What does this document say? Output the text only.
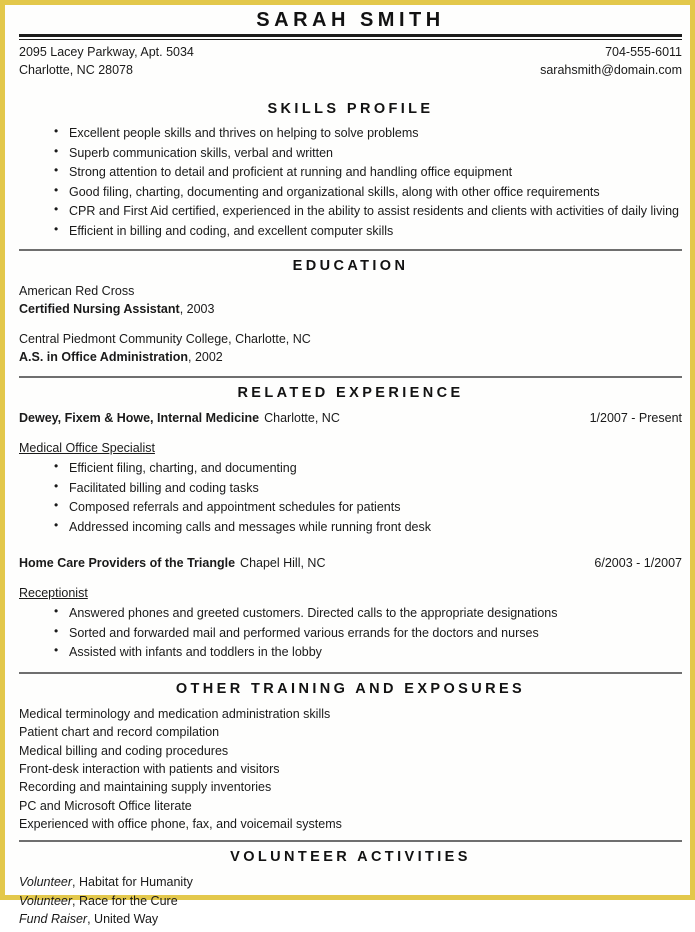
SARAH SMITH
2095 Lacey Parkway, Apt. 5034
Charlotte, NC 28078
704-555-6011
sarahsmith@domain.com
SKILLS PROFILE
• Excellent people skills and thrives on helping to solve problems
• Superb communication skills, verbal and written
• Strong attention to detail and proficient at running and handling office equipment
• Good filing, charting, documenting and organizational skills, along with other office requirements
• CPR and First Aid certified, experienced in the ability to assist residents and clients with activities of daily living
• Efficient in billing and coding, and excellent computer skills
EDUCATION
American Red Cross
Certified Nursing Assistant, 2003
Central Piedmont Community College, Charlotte, NC
A.S. in Office Administration, 2002
RELATED EXPERIENCE
Dewey, Fixem & Howe, Internal Medicine Charlotte, NC	1/2007 - Present
Medical Office Specialist
• Efficient filing, charting, and documenting
• Facilitated billing and coding tasks
• Composed referrals and appointment schedules for patients
• Addressed incoming calls and messages while running front desk
Home Care Providers of the Triangle Chapel Hill, NC	6/2003 - 1/2007
Receptionist
• Answered phones and greeted customers. Directed calls to the appropriate designations
• Sorted and forwarded mail and performed various errands for the doctors and nurses
• Assisted with infants and toddlers in the lobby
OTHER TRAINING AND EXPOSURES
Medical terminology and medication administration skills
Patient chart and record compilation
Medical billing and coding procedures
Front-desk interaction with patients and visitors
Recording and maintaining supply inventories
PC and Microsoft Office literate
Experienced with office phone, fax, and voicemail systems
VOLUNTEER ACTIVITIES
Volunteer, Habitat for Humanity
Volunteer, Race for the Cure
Fund Raiser, United Way
